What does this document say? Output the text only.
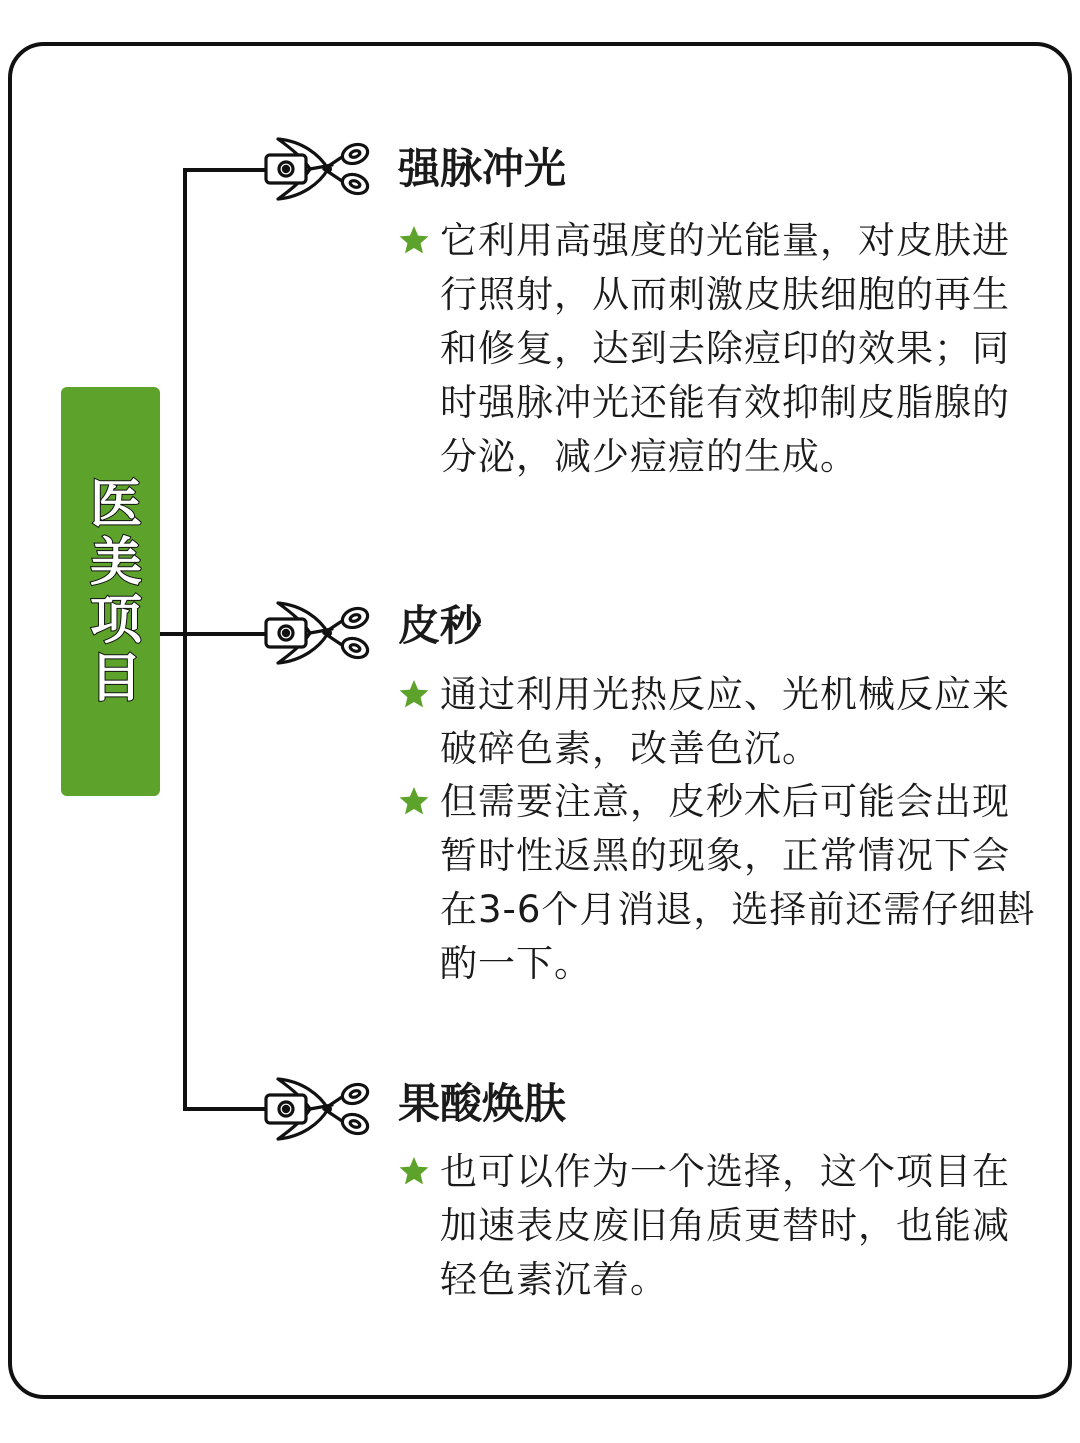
医美项目
强脉冲光

它利用高强度的光能量，对皮肤进行照射，从而刺激皮肤细胞的再生和修复，达到去除痘印的效果；同时强脉冲光还能有效抑制皮脂腺的分泌，减少痘痘的生成。

皮秒

通过利用光热反应、光机械反应来破碎色素，改善色沉。

但需要注意，皮秒术后可能会出现暂时性返黑的现象，正常情况下会在3-6个月消退，选择前还需仔细斟酌一下。

果酸焕肤

也可以作为一个选择，这个项目在加速表皮废旧角质更替时，也能减轻色素沉着。
